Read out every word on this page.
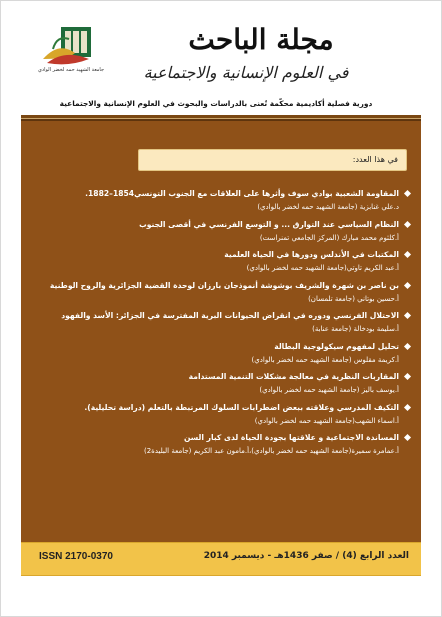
جامعة الشهيد حمه لخضر الوادي
مجلة الباحث
في العلوم الإنسانية والاجتماعية
دورية فصلية أكاديمية محكّمة تُعنى بالدراسات والبحوث في العلوم الإنسانية والاجتماعية
في هذا العدد:
المقاومة الشعبية بوادي سوف وأثرها على العلاقات مع الجنوب التونسي1854–1882.
د.علي غنابزية (جامعة الشهيد حمه لخضر بالوادي)
النظام السياسي عند التوارق ... و التوسع الفرنسي في أقصى الجنوب
أ.كلثوم محمد مبارك (المركز الجامعي تمنراست)
المكتبات في الأندلس ودورها في الحياة العلمية
أ.عبد الكريم تاوتي(جامعة الشهيد حمه لخضر بالوادي)
بن ناصر بن شهرة والشريف بوشوشة أنموذجان بارزان لوحدة القضية الجزائرية والروح الوطنية
أ.حسين بوتاني (جامعة تلمسان)
الاحتلال الفرنسي ودوره في انقراض الحيوانات البرية المفترسة في الجزائر: الأسد والفهود
أ.سليمة بودخالة (جامعة عنابة)
تحليل لمفهوم سيكولوجية البطالة
أ.كريمة مقلوس (جامعة الشهيد حمه لخضر بالوادي)
المقاربات النظرية في معالجة مشكلات التنمية المستدامة
أ.يوسف باليز (جامعة الشهيد حمه لخضر بالوادي)
التكيف المدرسي وعلاقته ببعض اضطرابات السلوك المرتبطة بالتعلم (دراسة تحليلية).
أ.اسماء الشهب(جامعة الشهيد حمه لخضر بالوادي)
المساندة الاجتماعية و علاقتها بجودة الحياة لدى كبار السن
أ.عمامرة سميرة(جامعة الشهيد حمه لخضر بالوادي)،أ.مامون عبد الكريم (جامعة البليدة2)
ISSN 2170-0370	العدد الرابع (4) / صفر 1436هـ - ديسمبر 2014
